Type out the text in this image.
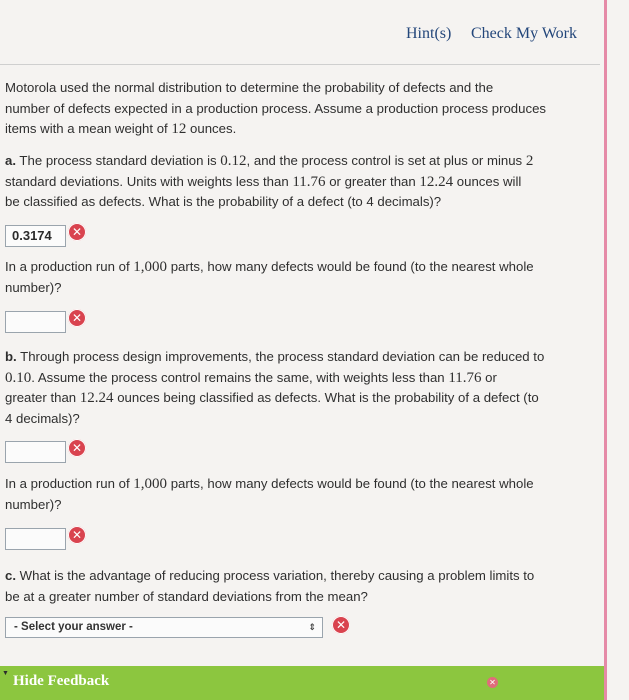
Hint(s) Check My Work
Motorola used the normal distribution to determine the probability of defects and the
number of defects expected in a production process. Assume a production process produces
items with a mean weight of 12 ounces.
a. The process standard deviation is 0.12, and the process control is set at plus or minus 2
standard deviations. Units with weights less than 11.76 or greater than 12.24 ounces will
be classified as defects. What is the probability of a defect (to 4 decimals)?
0.3174	✕
In a production run of 1,000 parts, how many defects would be found (to the nearest whole
number)?
✕
b. Through process design improvements, the process standard deviation can be reduced to
0.10. Assume the process control remains the same, with weights less than 11.76 or
greater than 12.24 ounces being classified as defects. What is the probability of a defect (to
4 decimals)?
✕
In a production run of 1,000 parts, how many defects would be found (to the nearest whole
number)?
✕
c. What is the advantage of reducing process variation, thereby causing a problem limits to
be at a greater number of standard deviations from the mean?
- Select your answer -	⇕	✕
▼ Hide Feedback	✕
